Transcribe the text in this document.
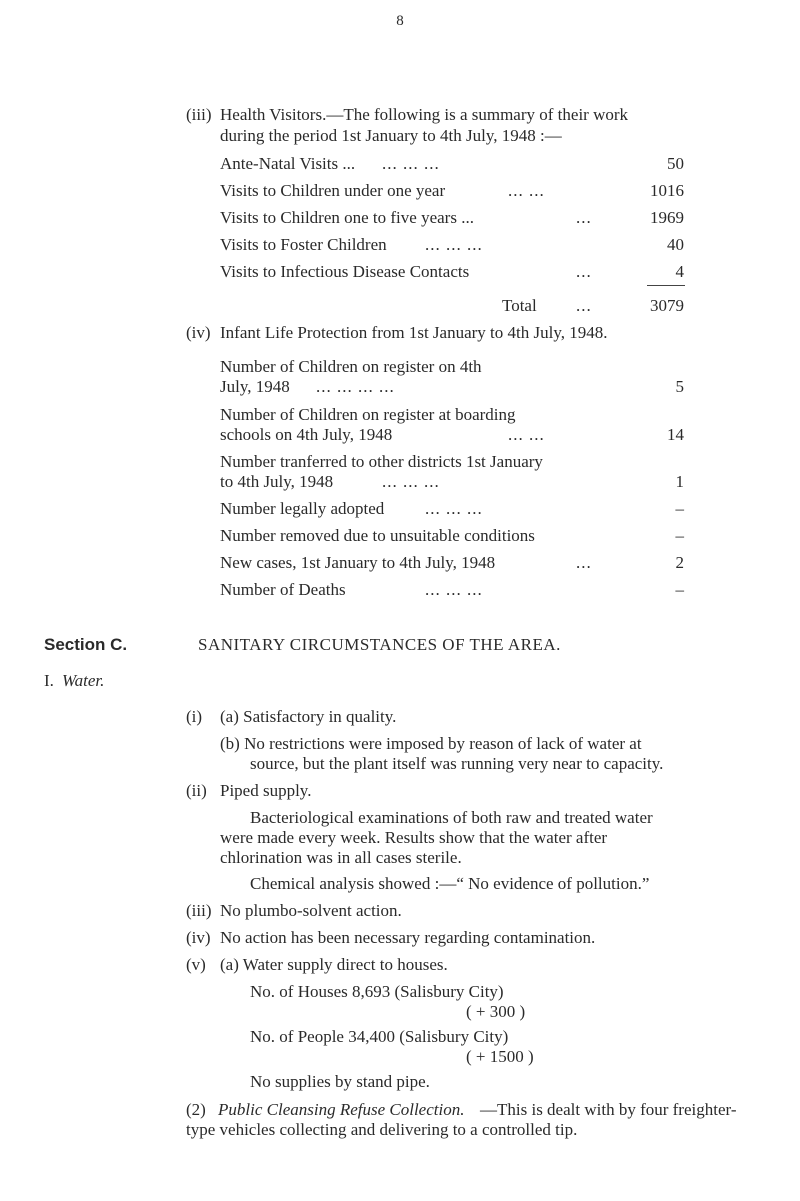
8
(iii) Health Visitors.—The following is a summary of their work
during the period 1st January to 4th July, 1948 :—
Ante-Natal Visits ... ... ... ...	50
Visits to Children under one year	... ...	1016
Visits to Children one to five years ...	...	1969
Visits to Foster Children ... ... ...	40
Visits to Infectious Disease Contacts	...	4
Total ...	3079
(iv) Infant Life Protection from 1st January to 4th July, 1948.
Number of Children on register on 4th
July, 1948 ... ... ... ...	5
Number of Children on register at boarding
schools on 4th July, 1948	... ...	14
Number tranferred to other districts 1st January
to 4th July, 1948	... ... ...	1
Number legally adopted ... ... ...	–
Number removed due to unsuitable conditions	–
New cases, 1st January to 4th July, 1948	...	2
Number of Deaths	... ... ...	–
Section C.	SANITARY CIRCUMSTANCES OF THE AREA.
I. Water.
(i) (a) Satisfactory in quality.
(b) No restrictions were imposed by reason of lack of water at
source, but the plant itself was running very near to capacity.
(ii) Piped supply.
Bacteriological examinations of both raw and treated water
were made every week. Results show that the water after
chlorination was in all cases sterile.
Chemical analysis showed :—“ No evidence of pollution.”
(iii) No plumbo-solvent action.
(iv) No action has been necessary regarding contamination.
(v) (a) Water supply direct to houses.
No. of Houses 8,693 (Salisbury City)
( + 300 )
No. of People 34,400 (Salisbury City)
( + 1500 )
No supplies by stand pipe.
(2) Public Cleansing Refuse Collection. —This is dealt with by four freighter-
type vehicles collecting and delivering to a controlled tip.
